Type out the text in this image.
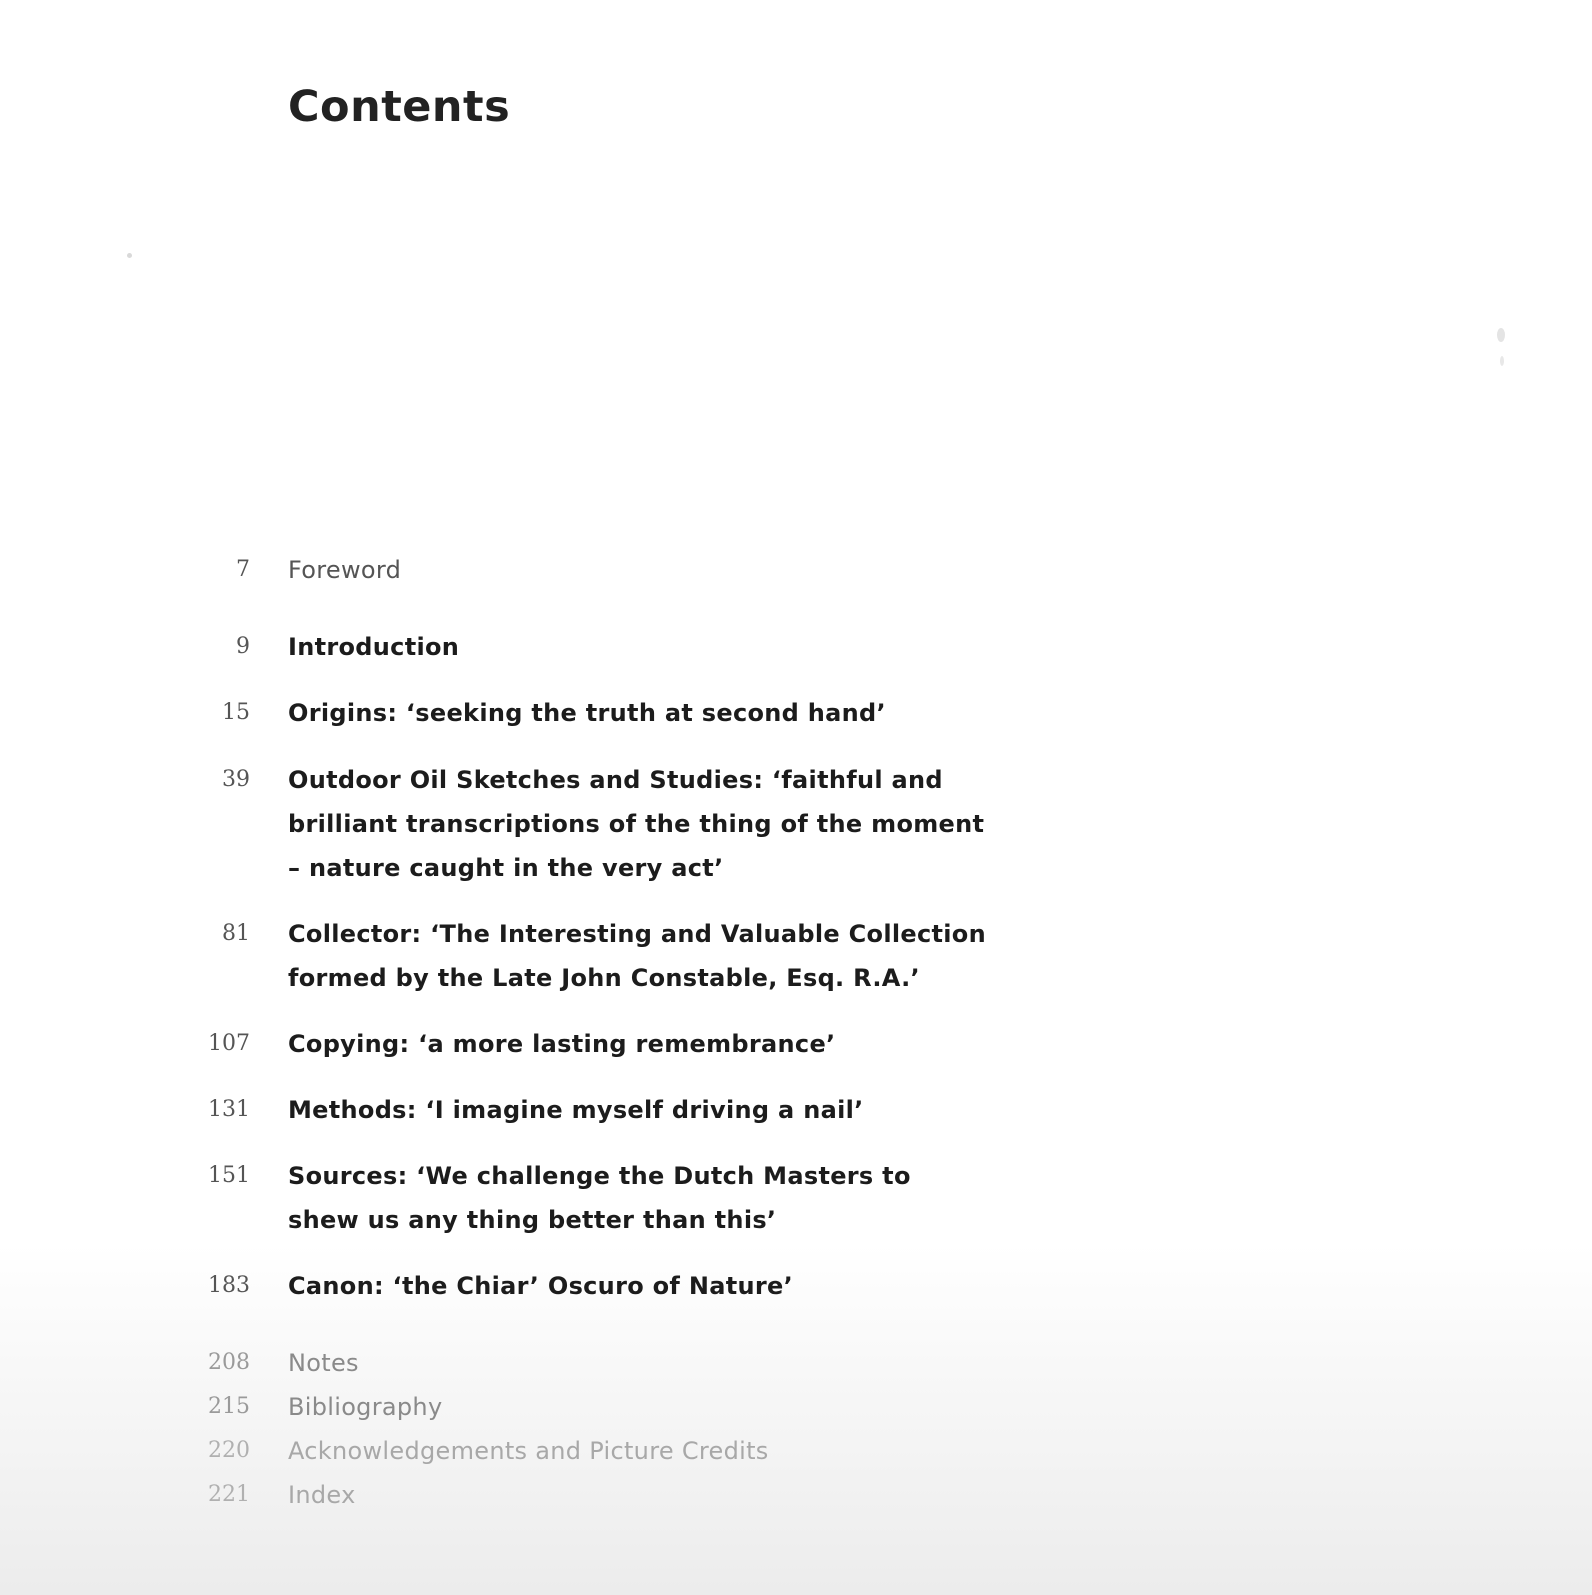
Contents
7 Foreword
9 Introduction
15 Origins: ‘seeking the truth at second hand’
39 Outdoor Oil Sketches and Studies: ‘faithful and brilliant transcriptions of the thing of the moment – nature caught in the very act’
81 Collector: ‘The Interesting and Valuable Collection formed by the Late John Constable, Esq. R.A.’
107 Copying: ‘a more lasting remembrance’
131 Methods: ‘I imagine myself driving a nail’
151 Sources: ‘We challenge the Dutch Masters to shew us any thing better than this’
183 Canon: ‘the Chiar’ Oscuro of Nature’
208 Notes
215 Bibliography
220 Acknowledgements and Picture Credits
221 Index
